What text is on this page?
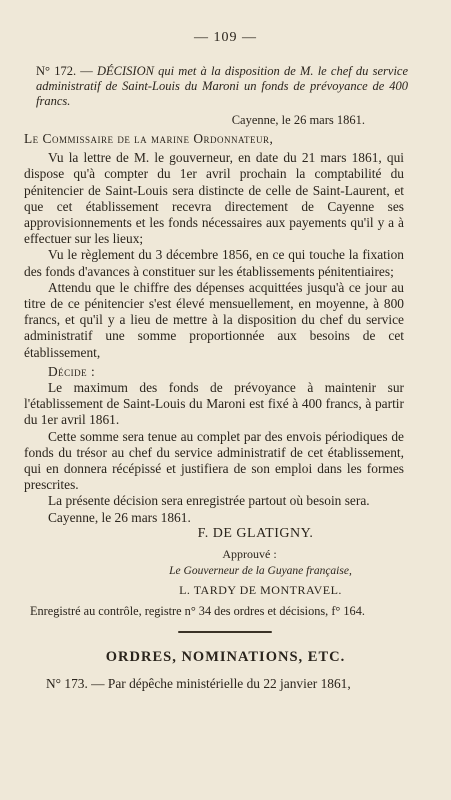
— 109 —
N° 172. — DÉCISION qui met à la disposition de M. le chef du service administratif de Saint-Louis du Maroni un fonds de prévoyance de 400 francs.
Cayenne, le 26 mars 1861.

Le Commissaire de la marine Ordonnateur,

Vu la lettre de M. le gouverneur, en date du 21 mars 1861, qui dispose qu'à compter du 1er avril prochain la comptabilité du pénitencier de Saint-Louis sera distincte de celle de Saint-Laurent, et que cet établissement recevra directement de Cayenne ses approvisionnements et les fonds nécessaires aux payements qu'il y a à effectuer sur les lieux;

Vu le règlement du 3 décembre 1856, en ce qui touche la fixation des fonds d'avances à constituer sur les établissements pénitentiaires;

Attendu que le chiffre des dépenses acquittées jusqu'à ce jour au titre de ce pénitencier s'est élevé mensuellement, en moyenne, à 800 francs, et qu'il y a lieu de mettre à la disposition du chef du service administratif une somme proportionnée aux besoins de cet établissement,

Décide :

Le maximum des fonds de prévoyance à maintenir sur l'établissement de Saint-Louis du Maroni est fixé à 400 francs, à partir du 1er avril 1861.

Cette somme sera tenue au complet par des envois périodiques de fonds du trésor au chef du service administratif de cet établissement, qui en donnera récépissé et justifiera de son emploi dans les formes prescrites.

La présente décision sera enregistrée partout où besoin sera.

Cayenne, le 26 mars 1861.

F. DE GLATIGNY.
Approuvé :
Le Gouverneur de la Guyane française,
L. TARDY DE MONTRAVEL.
Enregistré au contrôle, registre n° 34 des ordres et décisions, f° 164.
ORDRES, NOMINATIONS, ETC.
N° 173. — Par dépêche ministérielle du 22 janvier 1861,
